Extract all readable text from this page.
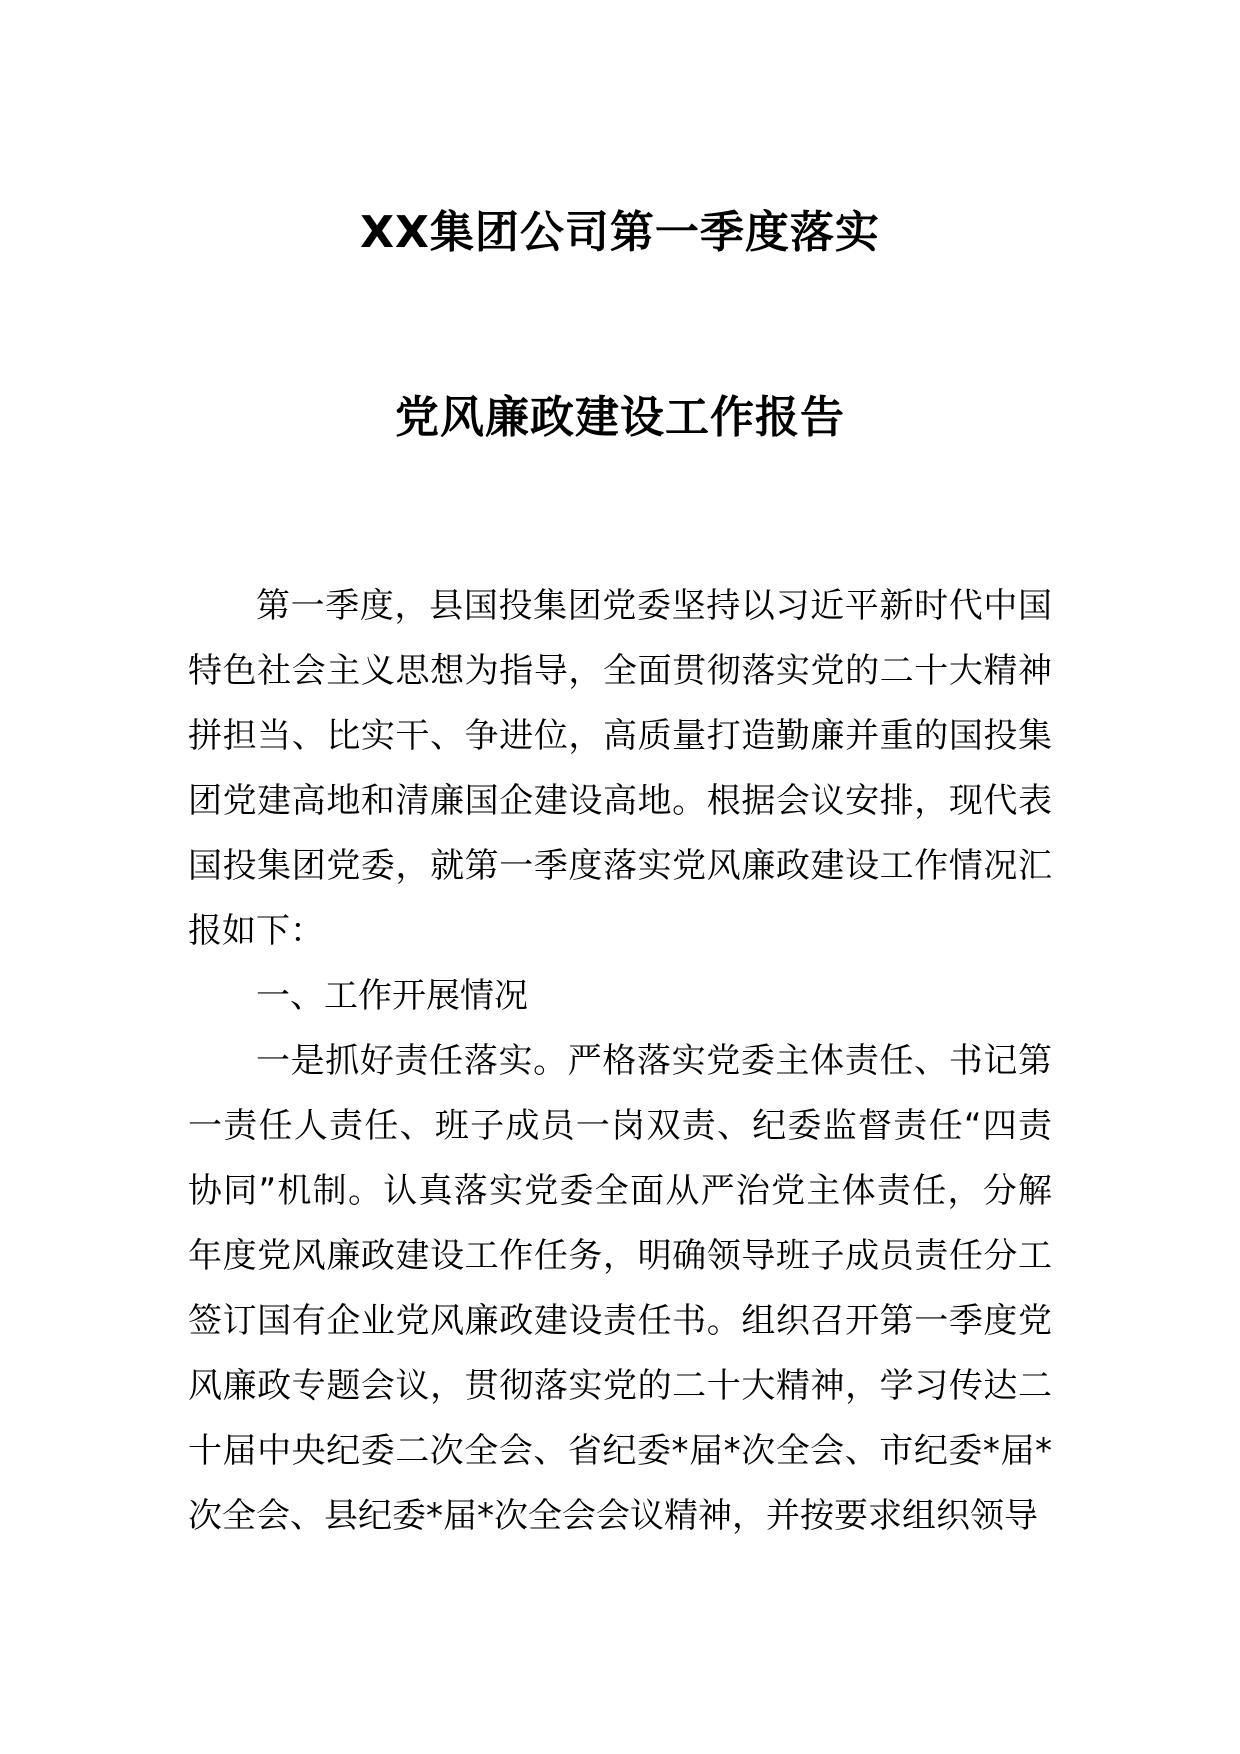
XX集团公司第一季度落实
党风廉政建设工作报告

第一季度，县国投集团党委坚持以习近平新时代中国特色社会主义思想为指导，全面贯彻落实党的二十大精神拼担当、比实干、争进位，高质量打造勤廉并重的国投集团党建高地和清廉国企建设高地。根据会议安排，现代表国投集团党委，就第一季度落实党风廉政建设工作情况汇报如下：

一、工作开展情况

一是抓好责任落实。严格落实党委主体责任、书记第一责任人责任、班子成员一岗双责、纪委监督责任“四责协同”机制。认真落实党委全面从严治党主体责任，分解年度党风廉政建设工作任务，明确领导班子成员责任分工签订国有企业党风廉政建设责任书。组织召开第一季度党风廉政专题会议，贯彻落实党的二十大精神，学习传达二十届中央纪委二次全会、省纪委*届*次全会、市纪委*届*次全会、县纪委*届*次全会会议精神，并按要求组织领导
